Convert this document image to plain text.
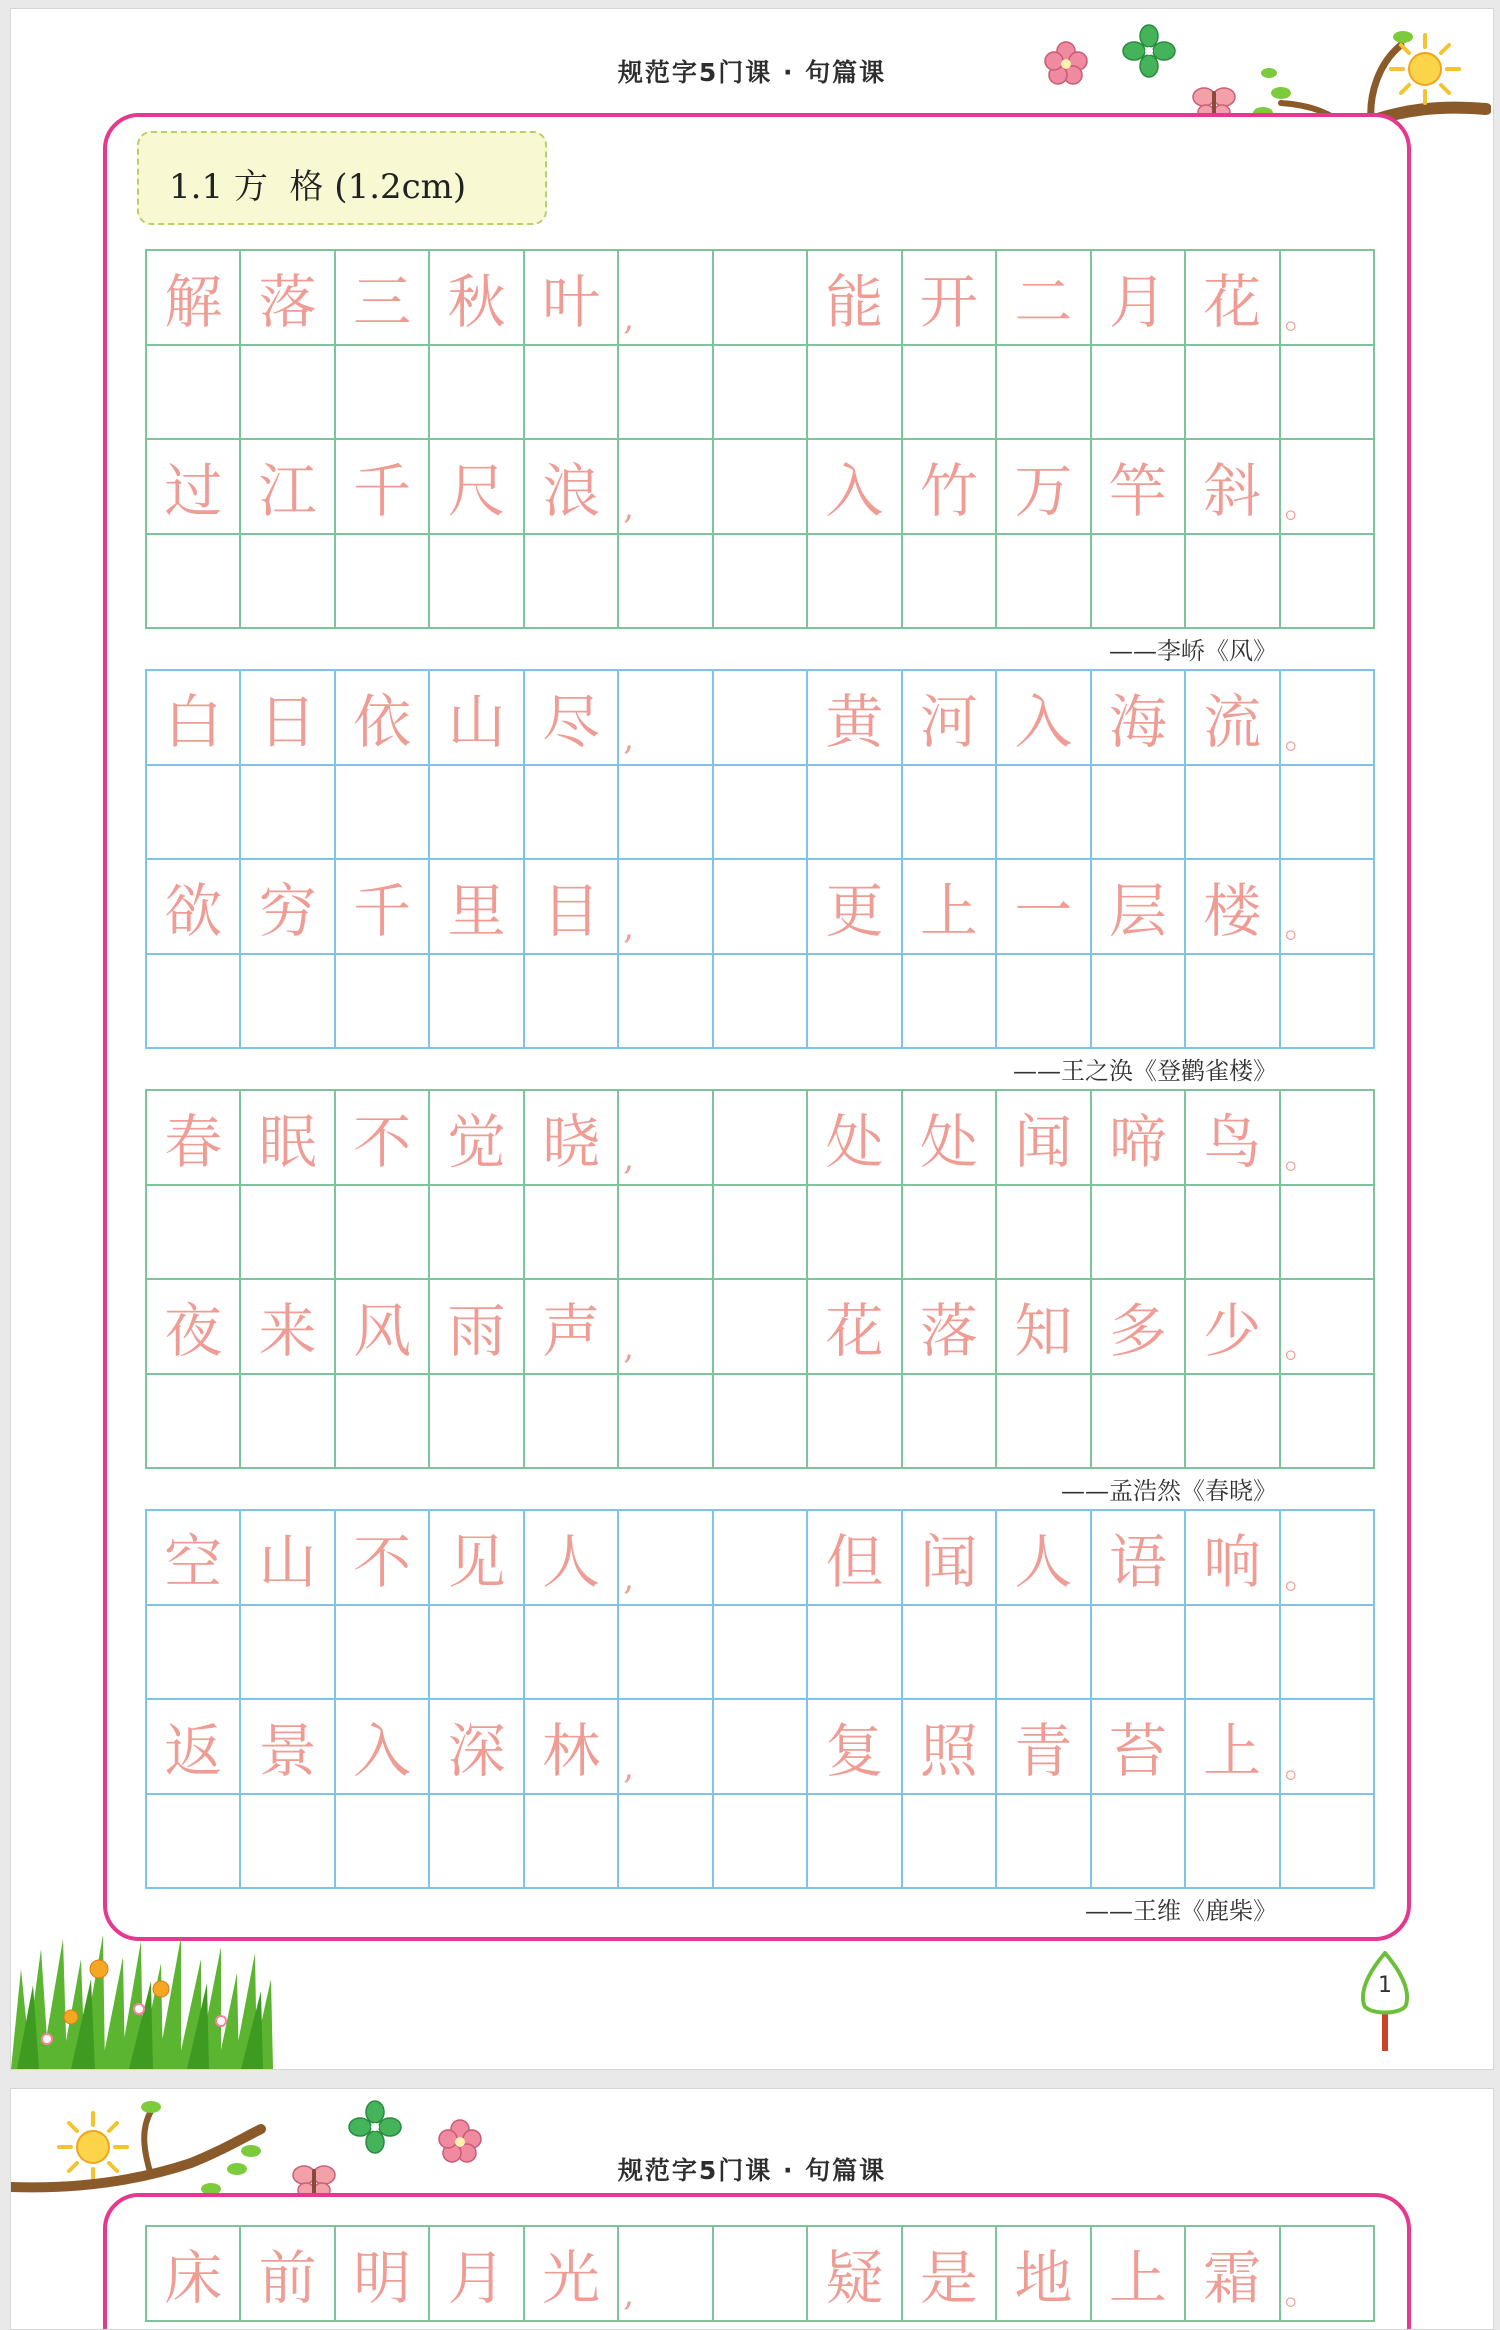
规范字5门课 · 句篇课
1.1 方  格 (1.2cm)
解 落 三 秋 叶 ,	能 开 二 月 花 。
过 江 千 尺 浪 ,	入 竹 万 竿 斜 。
——李峤《风》
白 日 依 山 尽 ,	黄 河 入 海 流 。
欲 穷 千 里 目 ,	更 上 一 层 楼 。
——王之涣《登鹳雀楼》
春 眠 不 觉 晓 ,	处 处 闻 啼 鸟 。
夜 来 风 雨 声 ,	花 落 知 多 少 。
——孟浩然《春晓》
空 山 不 见 人 ,	但 闻 人 语 响 。
返 景 入 深 林 ,	复 照 青 苔 上 。
——王维《鹿柴》
1
规范字5门课 · 句篇课
床 前 明 月 光 ,	疑 是 地 上 霜 。
